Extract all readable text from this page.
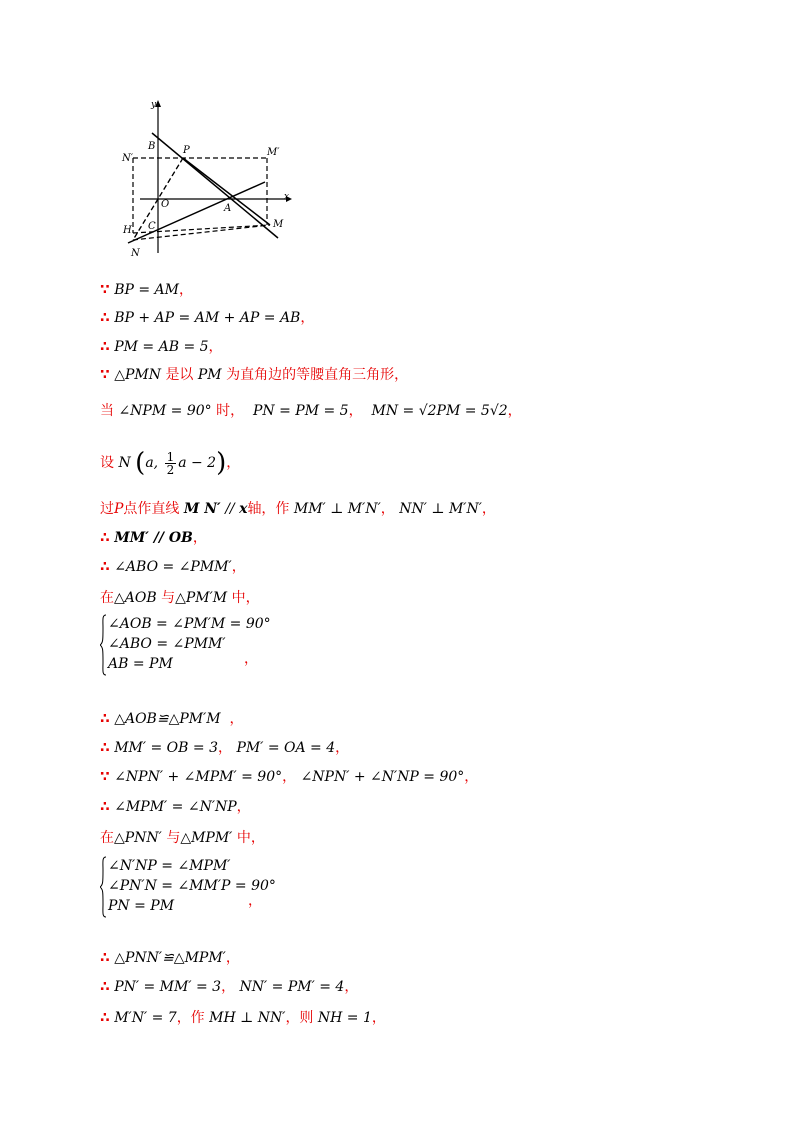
y
x
B	P
N′
M′
O	A
H C	M
N
∵ BP = AM，
∴ BP + AP = AM + AP = AB，
∴ PM = AB = 5，
∵ △PMN 是以 PM 为直角边的等腰直角三角形，
当 ∠NPM = 90° 时， PN = PM = 5， MN = √2PM = 5√2，
设 N (a, $\frac{1}{2}$ a − 2)，
过P点作直线 M N′ // x轴，作 MM′ ⊥ M′N′， NN′ ⊥ M′N′，
∴ MM′ // OB，
∴ ∠ABO = ∠PMM′，
在△AOB 与△PM′M 中，
∠AOB = ∠PM′M = 90°
∠ABO = ∠PMM′
AB = PM	，
∴ △AOB≌△PM′M ，
∴ MM′ = OB = 3， PM′ = OA = 4，
∵ ∠NPN′ + ∠MPM′ = 90°， ∠NPN′ + ∠N′NP = 90°，
∴ ∠MPM′ = ∠N′NP，
在△PNN′ 与△MPM′ 中，
∠N′NP = ∠MPM′
∠PN′N = ∠MM′P = 90°
PN = PM	，
∴ △PNN′≌△MPM′，
∴ PN′ = MM′ = 3， NN′ = PM′ = 4，
∴ M′N′ = 7，作 MH ⊥ NN′，则 NH = 1，
